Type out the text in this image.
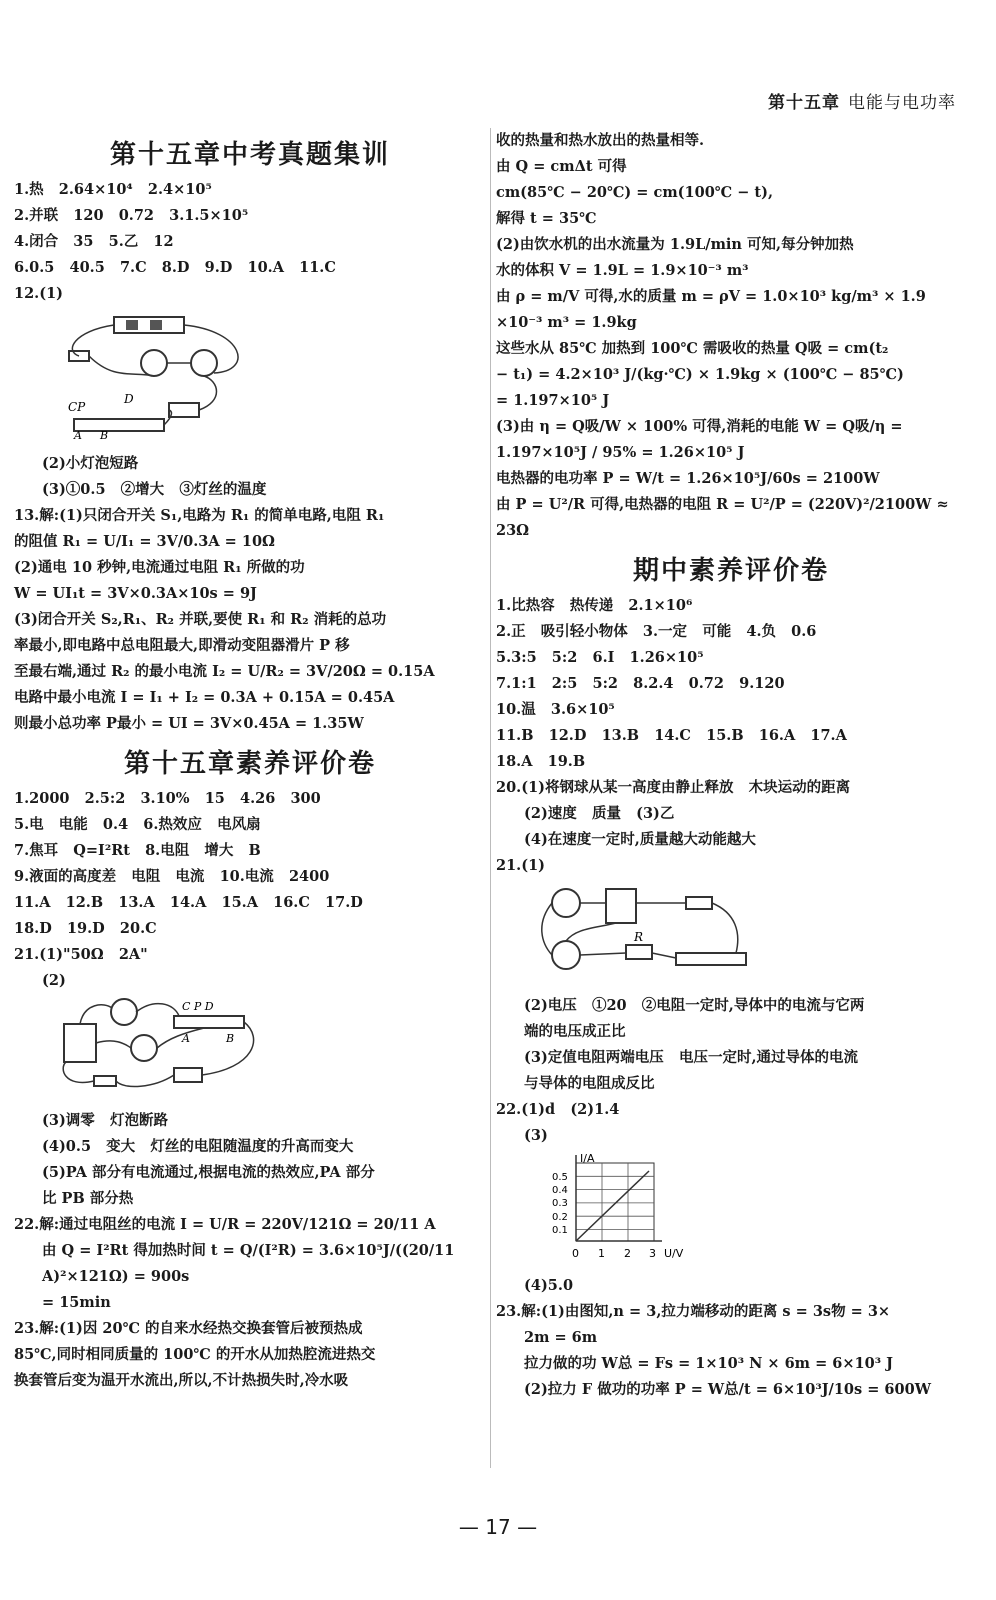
第十五章 电能与电功率
第十五章中考真题集训

1.热   2.64×10⁴   2.4×10⁵

2.并联   120   0.72   3.1.5×10⁵

4.闭合   35   5.乙   12

6.0.5   40.5   7.C   8.D   9.D   10.A   11.C

12.(1)

CP
D
A B

(2)小灯泡短路

(3)①0.5   ②增大   ③灯丝的温度

13.解:(1)只闭合开关 S₁,电路为 R₁ 的简单电路,电阻 R₁

的阻值 R₁ = U/I₁ = 3V/0.3A = 10Ω

(2)通电 10 秒钟,电流通过电阻 R₁ 所做的功

W = UI₁t = 3V×0.3A×10s = 9J

(3)闭合开关 S₂,R₁、R₂ 并联,要使 R₁ 和 R₂ 消耗的总功

率最小,即电路中总电阻最大,即滑动变阻器滑片 P 移

至最右端,通过 R₂ 的最小电流 I₂ = U/R₂ = 3V/20Ω = 0.15A

电路中最小电流 I = I₁ + I₂ = 0.3A + 0.15A = 0.45A

则最小总功率 P最小 = UI = 3V×0.45A = 1.35W

第十五章素养评价卷

1.2000   2.5:2   3.10%   15   4.26   300

5.电   电能   0.4   6.热效应   电风扇

7.焦耳   Q=I²Rt   8.电阻   增大   B

9.液面的高度差   电阻   电流   10.电流   2400

11.A   12.B   13.A   14.A   15.A   16.C   17.D

18.D   19.D   20.C

21.(1)"50Ω   2A"

(2)

C P D
A	B

(3)调零   灯泡断路

(4)0.5   变大   灯丝的电阻随温度的升高而变大

(5)PA 部分有电流通过,根据电流的热效应,PA 部分

比 PB 部分热

22.解:通过电阻丝的电流 I = U/R = 220V/121Ω = 20/11 A

由 Q = I²Rt 得加热时间 t = Q/(I²R) = 3.6×10⁵J/((20/11 A)²×121Ω) = 900s

= 15min

23.解:(1)因 20℃ 的自来水经热交换套管后被预热成

85℃,同时相同质量的 100℃ 的开水从加热腔流进热交

换套管后变为温开水流出,所以,不计热损失时,冷水吸

收的热量和热水放出的热量相等.

由 Q = cmΔt 可得

cm(85℃ − 20℃) = cm(100℃ − t),

解得 t = 35℃

(2)由饮水机的出水流量为 1.9L/min 可知,每分钟加热

水的体积 V = 1.9L = 1.9×10⁻³ m³

由 ρ = m/V 可得,水的质量 m = ρV = 1.0×10³ kg/m³ × 1.9

×10⁻³ m³ = 1.9kg

这些水从 85℃ 加热到 100℃ 需吸收的热量 Q吸 = cm(t₂

− t₁) = 4.2×10³ J/(kg·℃) × 1.9kg × (100℃ − 85℃)

= 1.197×10⁵ J

(3)由 η = Q吸/W × 100% 可得,消耗的电能 W = Q吸/η =

1.197×10⁵J / 95% = 1.26×10⁵ J

电热器的电功率 P = W/t = 1.26×10⁵J/60s = 2100W

由 P = U²/R 可得,电热器的电阻 R = U²/P = (220V)²/2100W ≈ 23Ω

期中素养评价卷

1.比热容   热传递   2.1×10⁶

2.正   吸引轻小物体   3.一定   可能   4.负   0.6

5.3:5   5:2   6.Ⅰ   1.26×10⁵

7.1:1   2:5   5:2   8.2.4   0.72   9.120

10.温   3.6×10⁵

11.B   12.D   13.B   14.C   15.B   16.A   17.A

18.A   19.B

20.(1)将钢球从某一高度由静止释放   木块运动的距离

(2)速度   质量   (3)乙

(4)在速度一定时,质量越大动能越大

21.(1)

R

(2)电压   ①20   ②电阻一定时,导体中的电流与它两

端的电压成正比

(3)定值电阻两端电压   电压一定时,通过导体的电流

与导体的电阻成反比

22.(1)d   (2)1.4

(3)

I/A
U/V
0.5
0.4
0.3
0.2
0.1
0 1 2 3

(4)5.0

23.解:(1)由图知,n = 3,拉力端移动的距离 s = 3s物 = 3×

2m = 6m

拉力做的功 W总 = Fs = 1×10³ N × 6m = 6×10³ J

(2)拉力 F 做功的功率 P = W总/t = 6×10³J/10s = 600W

— 17 —
